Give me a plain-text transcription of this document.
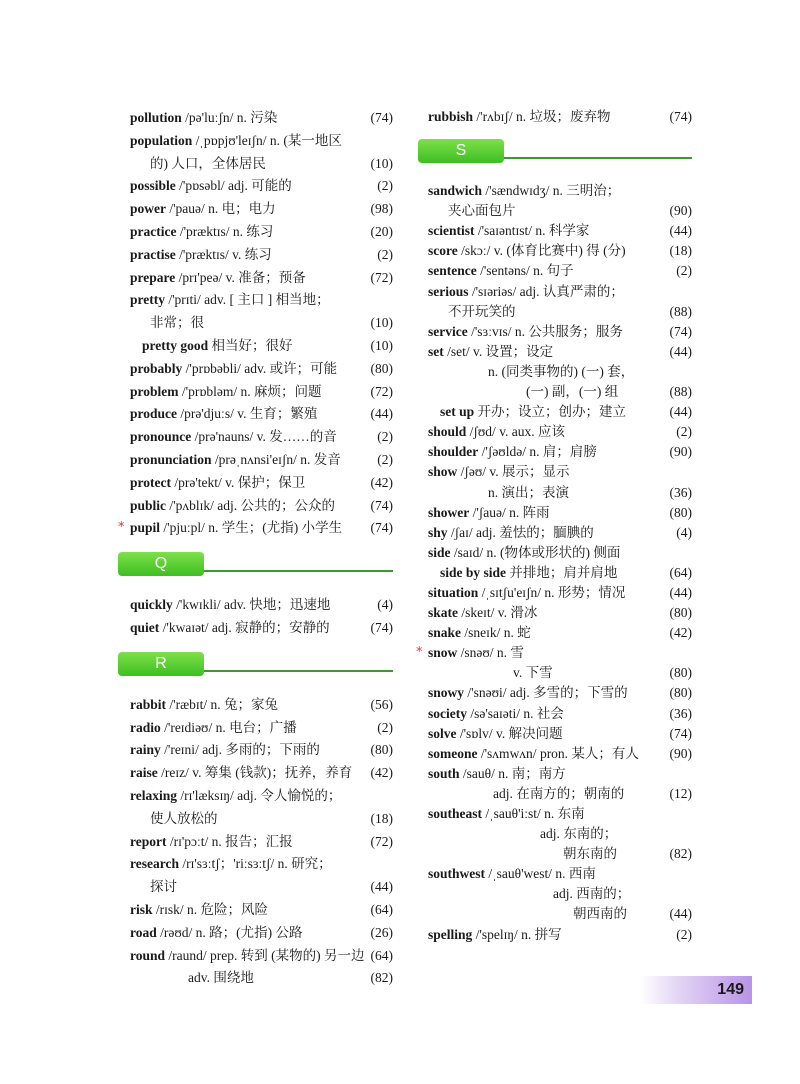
pollution /pə'luːʃn/ n. 污染	(74)
population /ˌpɒpjʊ'leɪʃn/ n. (某一地区
的) 人口，全体居民	(10)
possible /'pɒsəbl/ adj. 可能的	(2)
power /'pauə/ n. 电；电力	(98)
practice /'præktɪs/ n. 练习	(20)
practise /'præktɪs/ v. 练习	(2)
prepare /prɪ'peə/ v. 准备；预备	(72)
pretty /'prɪti/ adv. [ 主口 ] 相当地；
非常；很	(10)
pretty good 相当好；很好	(10)
probably /'prɒbəbli/ adv. 或许；可能 (80)
problem /'prɒbləm/ n. 麻烦；问题	(72)
produce /prə'djuːs/ v. 生育；繁殖	(44)
pronounce /prə'nauns/ v. 发……的音	(2)
pronunciation /prəˌnʌnsi'eɪʃn/ n. 发音	(2)
protect /prə'tekt/ v. 保护；保卫	(42)
public /'pʌblɪk/ adj. 公共的；公众的	(74)
* pupil /'pjuːpl/ n. 学生；(尤指) 小学生 (74)
Q
quickly /'kwɪkli/ adv. 快地；迅速地	(4)
quiet /'kwaɪət/ adj. 寂静的；安静的	(74)
R
rabbit /'ræbɪt/ n. 兔；家兔	(56)
radio /'reɪdiəʊ/ n. 电台；广播	(2)
rainy /'reɪni/ adj. 多雨的；下雨的	(80)
raise /reɪz/ v. 筹集 (钱款)；抚养，养育 (42)
relaxing /rɪ'læksɪŋ/ adj. 令人愉悦的；
使人放松的	(18)
report /rɪ'pɔːt/ n. 报告；汇报	(72)
research /rɪ'sɜːtʃ；'riːsɜːtʃ/ n. 研究；
探讨	(44)
risk /rɪsk/ n. 危险；风险	(64)
road /rəʊd/ n. 路；(尤指) 公路	(26)
round /raund/ prep. 转到 (某物的) 另一边 (64)
adv. 围绕地	(82)
rubbish /'rʌbɪʃ/ n. 垃圾；废弃物	(74)
S
sandwich /'sændwɪdʒ/ n. 三明治；
夹心面包片	(90)
scientist /'saɪəntɪst/ n. 科学家	(44)
score /skɔː/ v. (体育比赛中) 得 (分)	(18)
sentence /'sentəns/ n. 句子	(2)
serious /'sɪəriəs/ adj. 认真严肃的；
不开玩笑的	(88)
service /'sɜːvɪs/ n. 公共服务；服务	(74)
set /set/ v. 设置；设定	(44)
n. (同类事物的) (一) 套，
(一) 副，(一) 组	(88)
set up 开办；设立；创办；建立	(44)
should /ʃʊd/ v. aux. 应该	(2)
shoulder /'ʃəʊldə/ n. 肩；肩膀	(90)
show /ʃəʊ/ v. 展示；显示
n. 演出；表演	(36)
shower /'ʃauə/ n. 阵雨	(80)
shy /ʃaɪ/ adj. 羞怯的；腼腆的	(4)
side /saɪd/ n. (物体或形状的) 侧面
side by side 并排地；肩并肩地	(64)
situation /ˌsɪtʃu'eɪʃn/ n. 形势；情况	(44)
skate /skeɪt/ v. 滑冰	(80)
snake /sneɪk/ n. 蛇	(42)
* snow /snəʊ/ n. 雪
v. 下雪	(80)
snowy /'snəʊi/ adj. 多雪的；下雪的	(80)
society /sə'saɪəti/ n. 社会	(36)
solve /'sɒlv/ v. 解决问题	(74)
someone /'sʌmwʌn/ pron. 某人；有人 (90)
south /sauθ/ n. 南；南方
adj. 在南方的；朝南的	(12)
southeast /ˌsauθ'iːst/ n. 东南
adj. 东南的；
朝东南的	(82)
southwest /ˌsauθ'west/ n. 西南
adj. 西南的；
朝西南的	(44)
spelling /'spelɪŋ/ n. 拼写	(2)
149
